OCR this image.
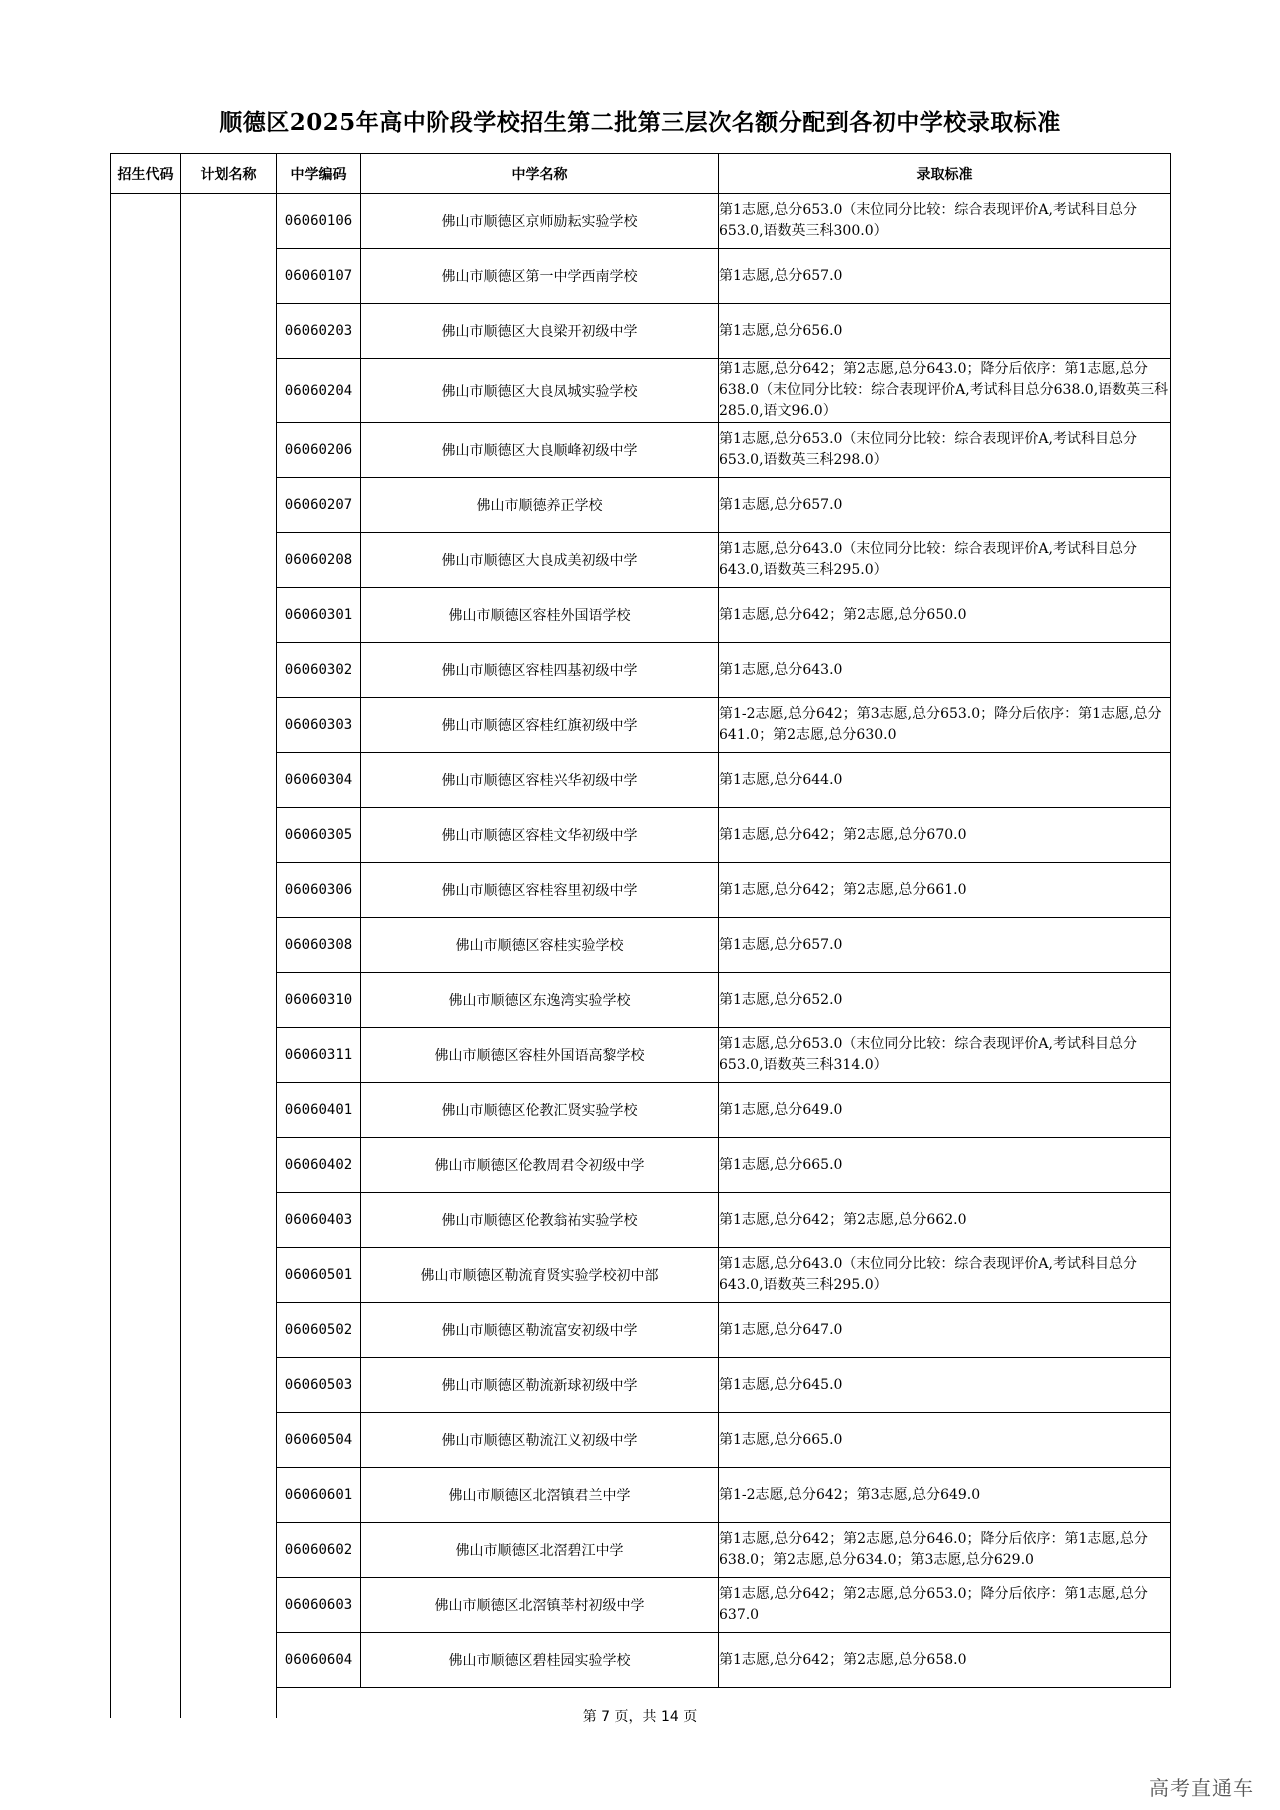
顺德区2025年高中阶段学校招生第二批第三层次名额分配到各初中学校录取标准
招生代码	计划名称	中学编码	中学名称	录取标准
		06060106	佛山市顺德区京师励耘实验学校	第1志愿,总分653.0（末位同分比较：综合表现评价A,考试科目总分653.0,语数英三科300.0）
		06060107	佛山市顺德区第一中学西南学校	第1志愿,总分657.0
		06060203	佛山市顺德区大良梁开初级中学	第1志愿,总分656.0
		06060204	佛山市顺德区大良凤城实验学校	第1志愿,总分642；第2志愿,总分643.0；降分后依序：第1志愿,总分638.0（末位同分比较：综合表现评价A,考试科目总分638.0,语数英三科285.0,语文96.0）
		06060206	佛山市顺德区大良顺峰初级中学	第1志愿,总分653.0（末位同分比较：综合表现评价A,考试科目总分653.0,语数英三科298.0）
		06060207	佛山市顺德养正学校	第1志愿,总分657.0
		06060208	佛山市顺德区大良成美初级中学	第1志愿,总分643.0（末位同分比较：综合表现评价A,考试科目总分643.0,语数英三科295.0）
		06060301	佛山市顺德区容桂外国语学校	第1志愿,总分642；第2志愿,总分650.0
		06060302	佛山市顺德区容桂四基初级中学	第1志愿,总分643.0
		06060303	佛山市顺德区容桂红旗初级中学	第1-2志愿,总分642；第3志愿,总分653.0；降分后依序：第1志愿,总分641.0；第2志愿,总分630.0
		06060304	佛山市顺德区容桂兴华初级中学	第1志愿,总分644.0
		06060305	佛山市顺德区容桂文华初级中学	第1志愿,总分642；第2志愿,总分670.0
		06060306	佛山市顺德区容桂容里初级中学	第1志愿,总分642；第2志愿,总分661.0
		06060308	佛山市顺德区容桂实验学校	第1志愿,总分657.0
		06060310	佛山市顺德区东逸湾实验学校	第1志愿,总分652.0
		06060311	佛山市顺德区容桂外国语高黎学校	第1志愿,总分653.0（末位同分比较：综合表现评价A,考试科目总分653.0,语数英三科314.0）
		06060401	佛山市顺德区伦教汇贤实验学校	第1志愿,总分649.0
		06060402	佛山市顺德区伦教周君令初级中学	第1志愿,总分665.0
		06060403	佛山市顺德区伦教翁祐实验学校	第1志愿,总分642；第2志愿,总分662.0
		06060501	佛山市顺德区勒流育贤实验学校初中部	第1志愿,总分643.0（末位同分比较：综合表现评价A,考试科目总分643.0,语数英三科295.0）
		06060502	佛山市顺德区勒流富安初级中学	第1志愿,总分647.0
		06060503	佛山市顺德区勒流新球初级中学	第1志愿,总分645.0
		06060504	佛山市顺德区勒流江义初级中学	第1志愿,总分665.0
		06060601	佛山市顺德区北滘镇君兰中学	第1-2志愿,总分642；第3志愿,总分649.0
		06060602	佛山市顺德区北滘碧江中学	第1志愿,总分642；第2志愿,总分646.0；降分后依序：第1志愿,总分638.0；第2志愿,总分634.0；第3志愿,总分629.0
		06060603	佛山市顺德区北滘镇莘村初级中学	第1志愿,总分642；第2志愿,总分653.0；降分后依序：第1志愿,总分637.0
		06060604	佛山市顺德区碧桂园实验学校	第1志愿,总分642；第2志愿,总分658.0

第 7 页，共 14 页
高考直通车
